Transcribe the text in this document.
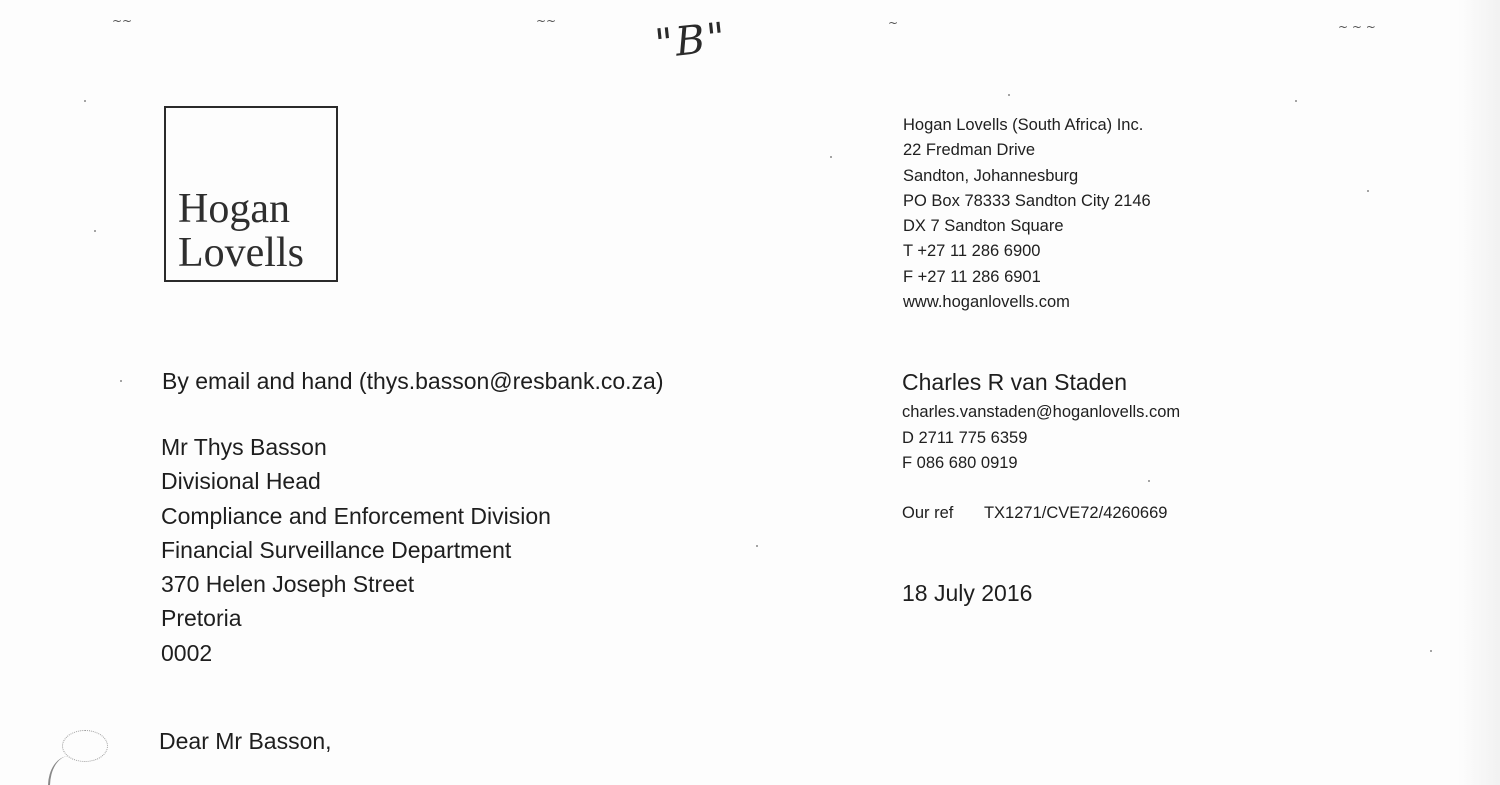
~~	~~	~	~ ~ ~
"B"
Hogan
Lovells
Hogan Lovells (South Africa) Inc.
22 Fredman Drive
Sandton, Johannesburg
PO Box 78333 Sandton City 2146
DX 7 Sandton Square
T +27 11 286 6900
F +27 11 286 6901
www.hoganlovells.com
By email and hand (thys.basson@resbank.co.za)
Mr Thys Basson
Divisional Head
Compliance and Enforcement Division
Financial Surveillance Department
370 Helen Joseph Street
Pretoria
0002
Charles R van Staden
charles.vanstaden@hoganlovells.com
D 2711 775 6359
F 086 680 0919
Our ref TX1271/CVE72/4260669
18 July 2016
Dear Mr Basson,
